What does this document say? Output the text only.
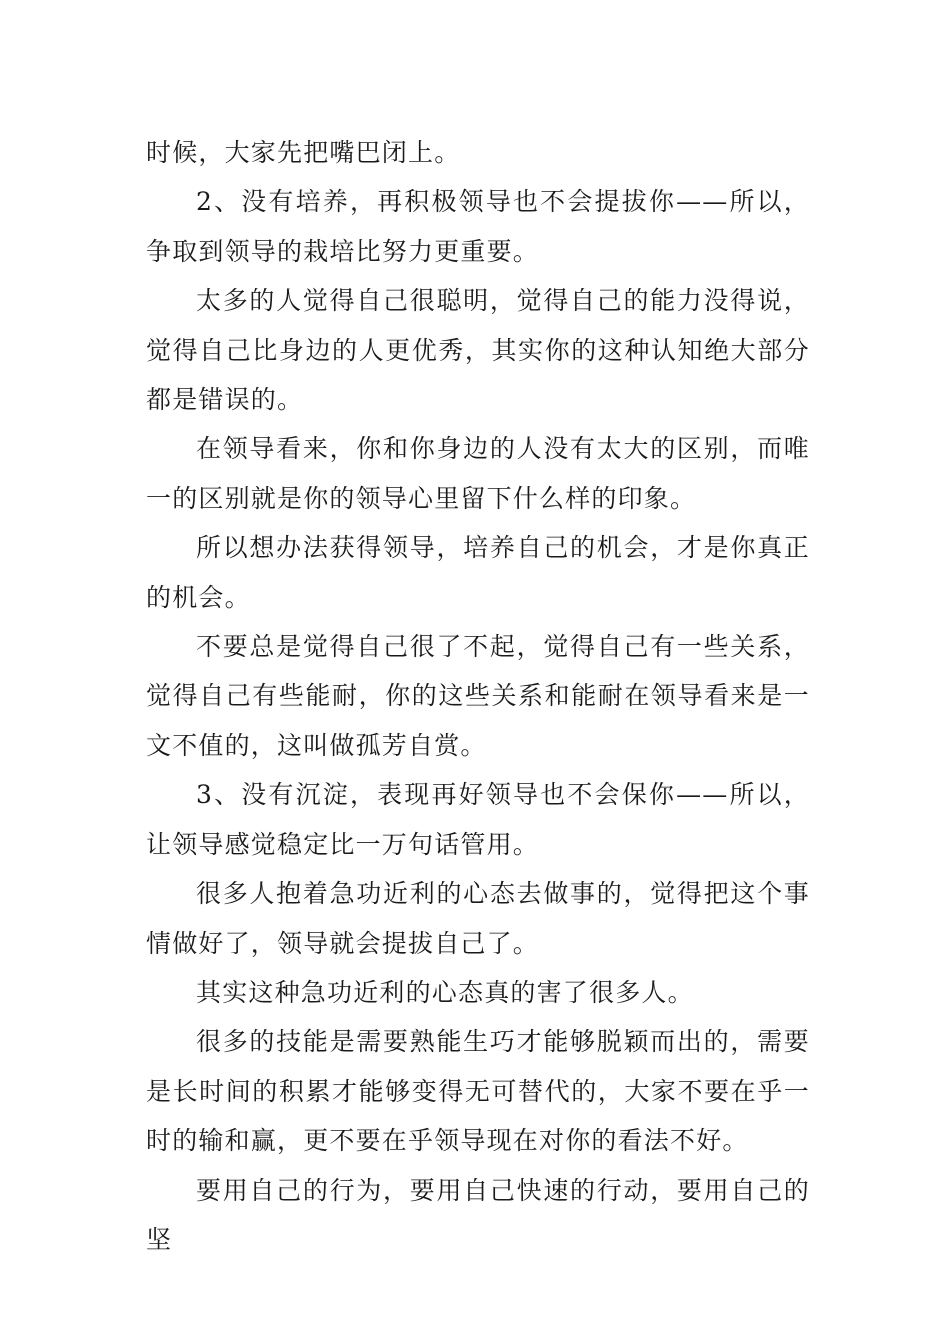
时候，大家先把嘴巴闭上。

2、没有培养，再积极领导也不会提拔你——所以，争取到领导的栽培比努力更重要。

太多的人觉得自己很聪明，觉得自己的能力没得说，觉得自己比身边的人更优秀，其实你的这种认知绝大部分都是错误的。

在领导看来，你和你身边的人没有太大的区别，而唯一的区别就是你的领导心里留下什么样的印象。

所以想办法获得领导，培养自己的机会，才是你真正的机会。

不要总是觉得自己很了不起，觉得自己有一些关系，觉得自己有些能耐，你的这些关系和能耐在领导看来是一文不值的，这叫做孤芳自赏。

3、没有沉淀，表现再好领导也不会保你——所以，让领导感觉稳定比一万句话管用。

很多人抱着急功近利的心态去做事的，觉得把这个事情做好了，领导就会提拔自己了。

其实这种急功近利的心态真的害了很多人。

很多的技能是需要熟能生巧才能够脱颖而出的，需要是长时间的积累才能够变得无可替代的，大家不要在乎一时的输和赢，更不要在乎领导现在对你的看法不好。

要用自己的行为，要用自己快速的行动，要用自己的坚
